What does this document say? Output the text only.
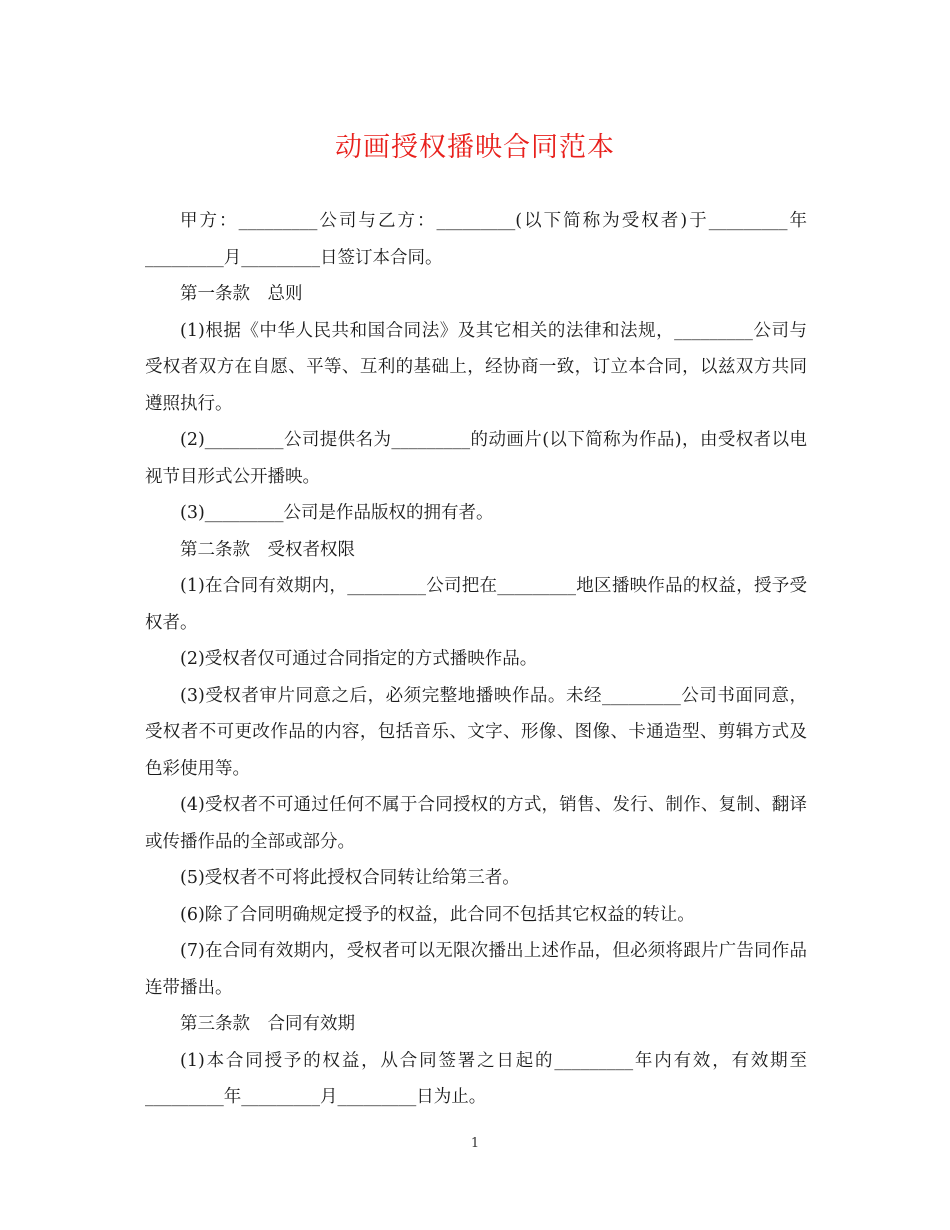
动画授权播映合同范本

甲方：_________公司与乙方：_________(以下简称为受权者)于_________年_________月_________日签订本合同。

第一条款　总则

(1)根据《中华人民共和国合同法》及其它相关的法律和法规，_________公司与受权者双方在自愿、平等、互利的基础上，经协商一致，订立本合同，以兹双方共同遵照执行。

(2)_________公司提供名为_________的动画片(以下简称为作品)，由受权者以电视节目形式公开播映。

(3)_________公司是作品版权的拥有者。

第二条款　受权者权限

(1)在合同有效期内，_________公司把在_________地区播映作品的权益，授予受权者。

(2)受权者仅可通过合同指定的方式播映作品。

(3)受权者审片同意之后，必须完整地播映作品。未经_________公司书面同意，受权者不可更改作品的内容，包括音乐、文字、形像、图像、卡通造型、剪辑方式及色彩使用等。

(4)受权者不可通过任何不属于合同授权的方式，销售、发行、制作、复制、翻译或传播作品的全部或部分。

(5)受权者不可将此授权合同转让给第三者。

(6)除了合同明确规定授予的权益，此合同不包括其它权益的转让。

(7)在合同有效期内，受权者可以无限次播出上述作品，但必须将跟片广告同作品连带播出。

第三条款　合同有效期

(1)本合同授予的权益，从合同签署之日起的_________年内有效，有效期至_________年_________月_________日为止。

1
